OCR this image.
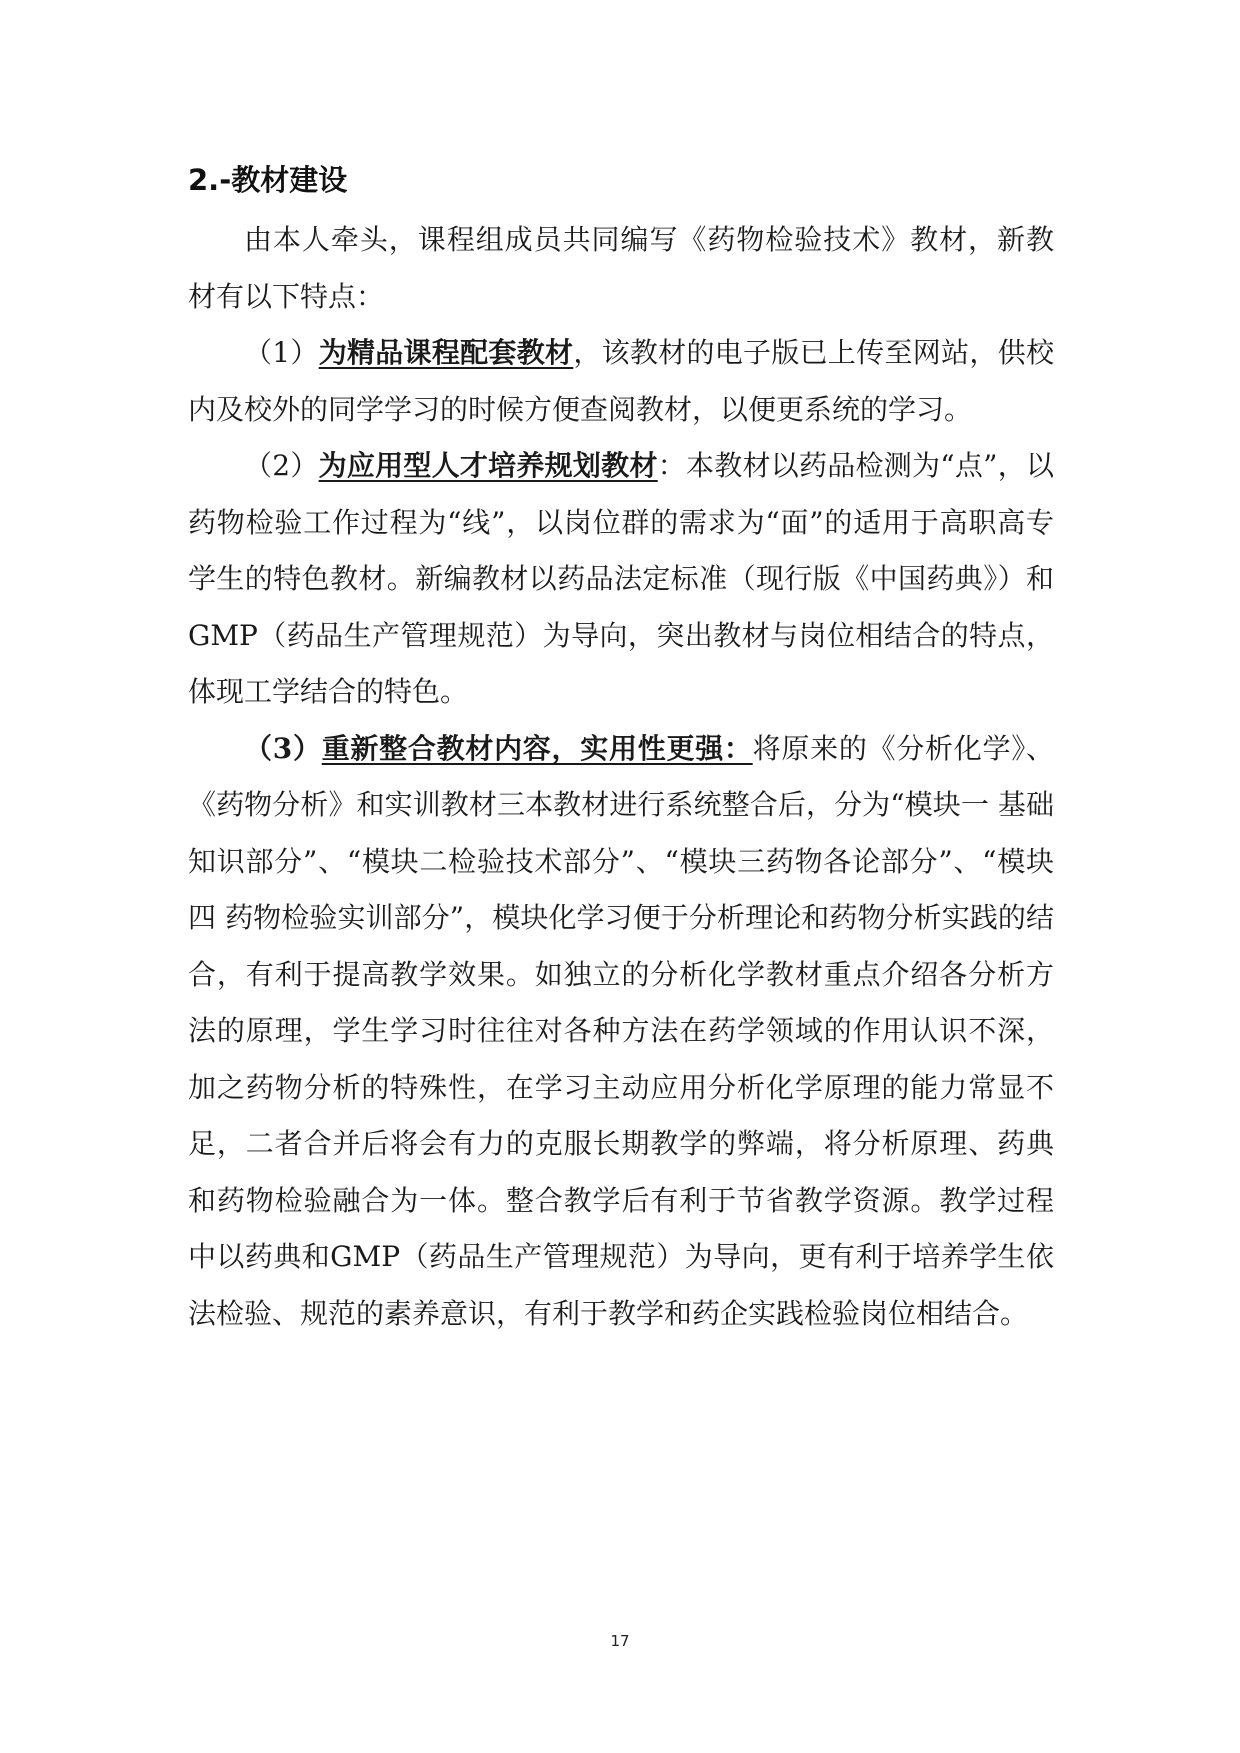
2.-教材建设

由本人牵头，课程组成员共同编写《药物检验技术》教材，新教材有以下特点：

（1）为精品课程配套教材，该教材的电子版已上传至网站，供校内及校外的同学学习的时候方便查阅教材，以便更系统的学习。

（2）为应用型人才培养规划教材：本教材以药品检测为“点”，以药物检验工作过程为“线”，以岗位群的需求为“面”的适用于高职高专学生的特色教材。新编教材以药品法定标准（现行版《中国药典》）和GMP（药品生产管理规范）为导向，突出教材与岗位相结合的特点，体现工学结合的特色。

（3）重新整合教材内容，实用性更强：将原来的《分析化学》、《药物分析》和实训教材三本教材进行系统整合后，分为“模块一 基础知识部分”、“模块二检验技术部分”、“模块三药物各论部分”、“模块四 药物检验实训部分”，模块化学习便于分析理论和药物分析实践的结合，有利于提高教学效果。如独立的分析化学教材重点介绍各分析方法的原理，学生学习时往往对各种方法在药学领域的作用认识不深，加之药物分析的特殊性，在学习主动应用分析化学原理的能力常显不足，二者合并后将会有力的克服长期教学的弊端，将分析原理、药典和药物检验融合为一体。整合教学后有利于节省教学资源。教学过程中以药典和GMP（药品生产管理规范）为导向，更有利于培养学生依法检验、规范的素养意识，有利于教学和药企实践检验岗位相结合。

17
